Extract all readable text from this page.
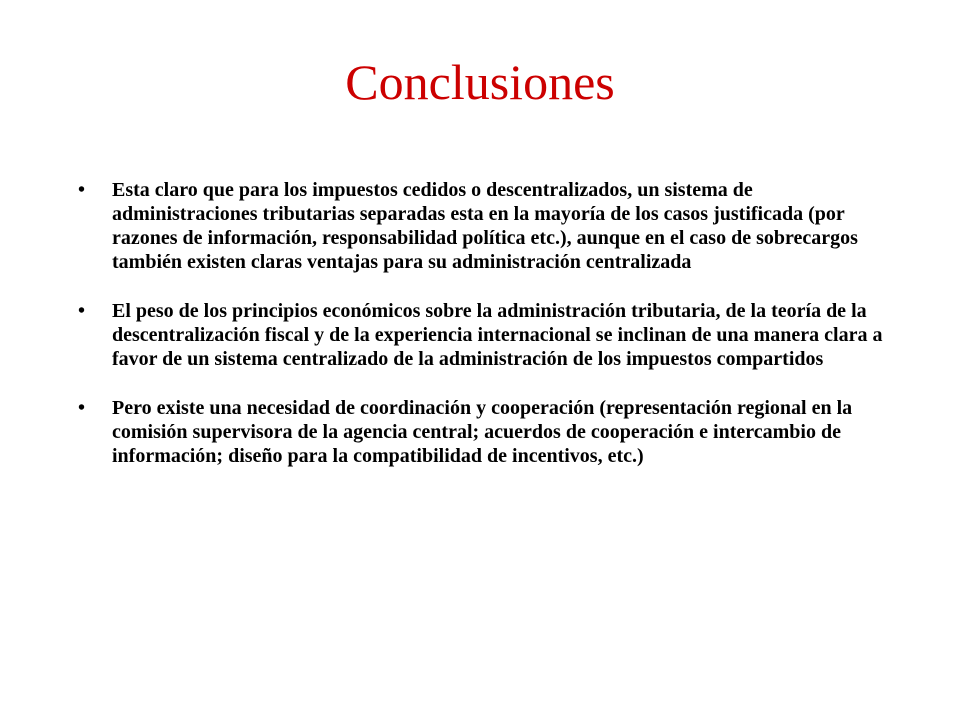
Conclusiones
• Esta claro que para los impuestos cedidos o descentralizados, un sistema de administraciones tributarias separadas esta en la mayoría de los casos justificada (por razones de información, responsabilidad política etc.), aunque en el caso de sobrecargos también existen claras ventajas para su administración centralizada
• El peso de los principios económicos sobre la administración tributaria, de la teoría de la descentralización fiscal y de la experiencia internacional se inclinan de una manera clara a favor de un sistema centralizado de la administración de los impuestos compartidos
• Pero existe una necesidad de coordinación y cooperación (representación regional en la comisión supervisora de la agencia central; acuerdos de cooperación e intercambio de información; diseño para la compatibilidad de incentivos, etc.)
